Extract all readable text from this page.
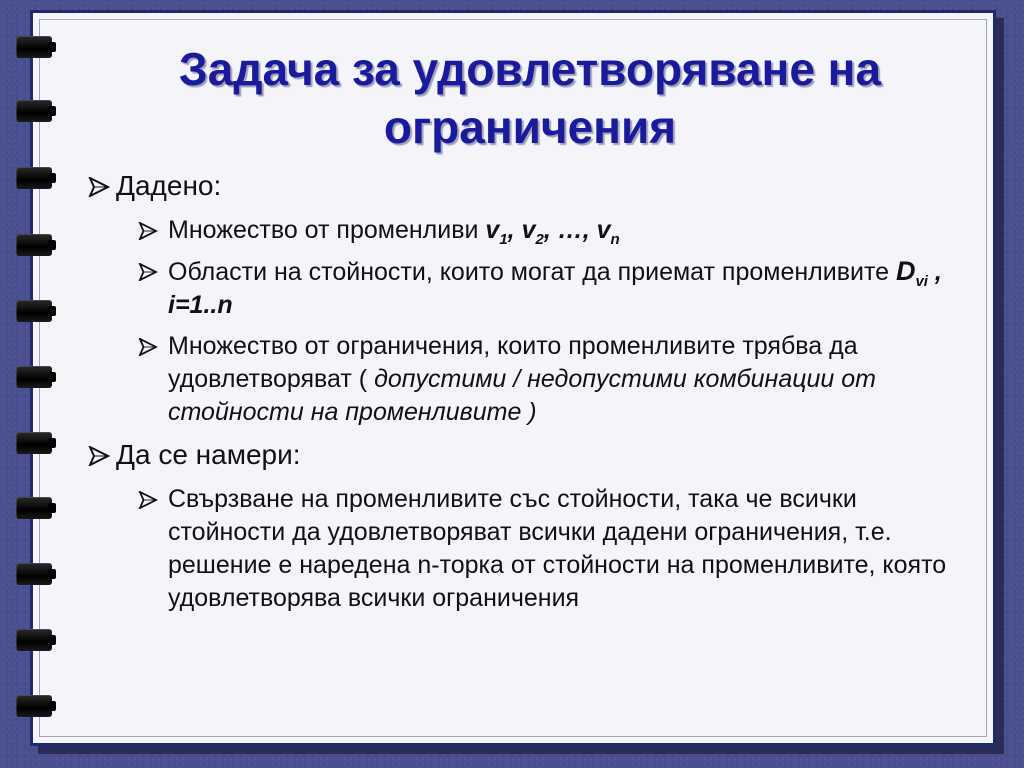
Задача за удовлетворяване на
ограничения
Дадено:
Множество от променливи $v_1$, $v_2$, …, $v_n$
Области на стойности, които могат да приемат променливите $D_{vi}$ , i=1..n
Множество от ограничения, които променливите трябва да удовлетворяват ( допустими / недопустими комбинации от стойности на променливите )
Да се намери:
Свързване на променливите със стойности, така че всички стойности да удовлетворяват всички дадени ограничения, т.е. решение е наредена n-торка от стойности на променливите, която удовлетворява всички ограничения
